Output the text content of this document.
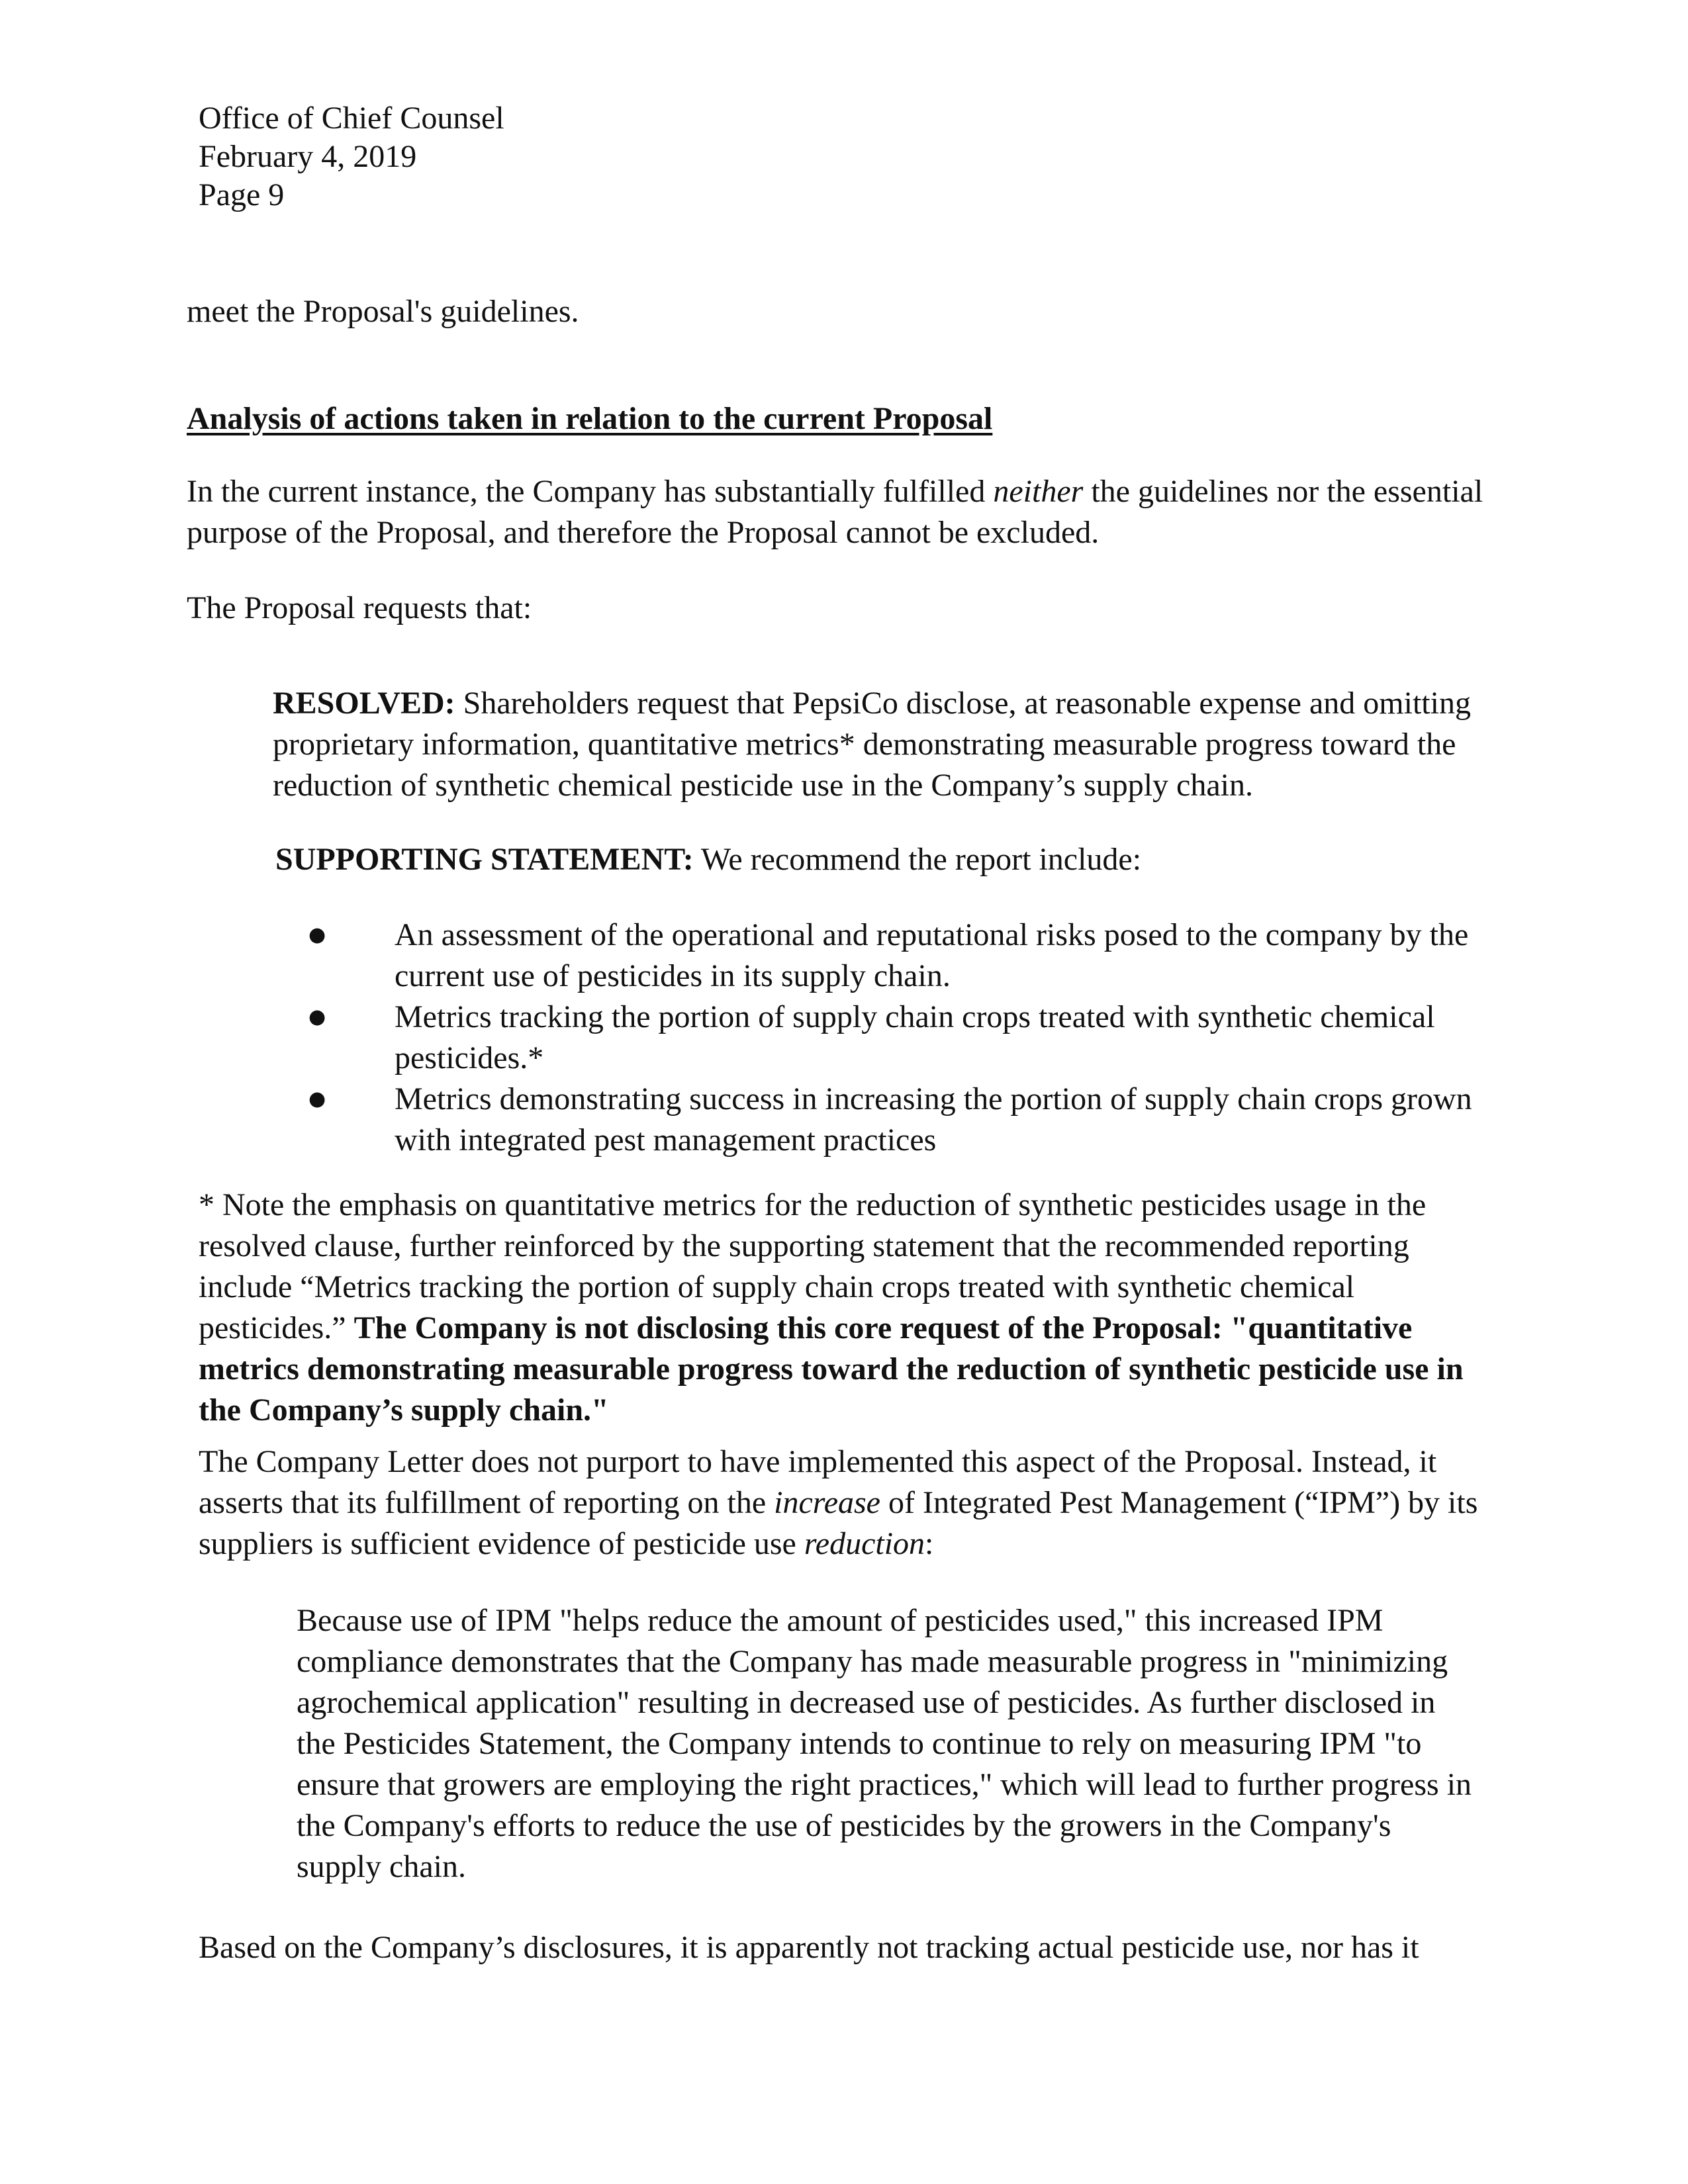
Office of Chief Counsel
February 4, 2019
Page 9

meet the Proposal's guidelines.

Analysis of actions taken in relation to the current Proposal

In the current instance, the Company has substantially fulfilled neither the guidelines nor the essential purpose of the Proposal, and therefore the Proposal cannot be excluded.

The Proposal requests that:

RESOLVED: Shareholders request that PepsiCo disclose, at reasonable expense and omitting proprietary information, quantitative metrics* demonstrating measurable progress toward the reduction of synthetic chemical pesticide use in the Company’s supply chain.

SUPPORTING STATEMENT: We recommend the report include:

●	An assessment of the operational and reputational risks posed to the company by the current use of pesticides in its supply chain.
●	Metrics tracking the portion of supply chain crops treated with synthetic chemical pesticides.*
●	Metrics demonstrating success in increasing the portion of supply chain crops grown with integrated pest management practices

* Note the emphasis on quantitative metrics for the reduction of synthetic pesticides usage in the resolved clause, further reinforced by the supporting statement that the recommended reporting include “Metrics tracking the portion of supply chain crops treated with synthetic chemical pesticides.” The Company is not disclosing this core request of the Proposal: "quantitative metrics demonstrating measurable progress toward the reduction of synthetic pesticide use in the Company’s supply chain."

The Company Letter does not purport to have implemented this aspect of the Proposal. Instead, it asserts that its fulfillment of reporting on the increase of Integrated Pest Management (“IPM”) by its suppliers is sufficient evidence of pesticide use reduction:

Because use of IPM "helps reduce the amount of pesticides used," this increased IPM compliance demonstrates that the Company has made measurable progress in "minimizing agrochemical application" resulting in decreased use of pesticides. As further disclosed in the Pesticides Statement, the Company intends to continue to rely on measuring IPM "to ensure that growers are employing the right practices," which will lead to further progress in the Company's efforts to reduce the use of pesticides by the growers in the Company's supply chain.

Based on the Company’s disclosures, it is apparently not tracking actual pesticide use, nor has it
